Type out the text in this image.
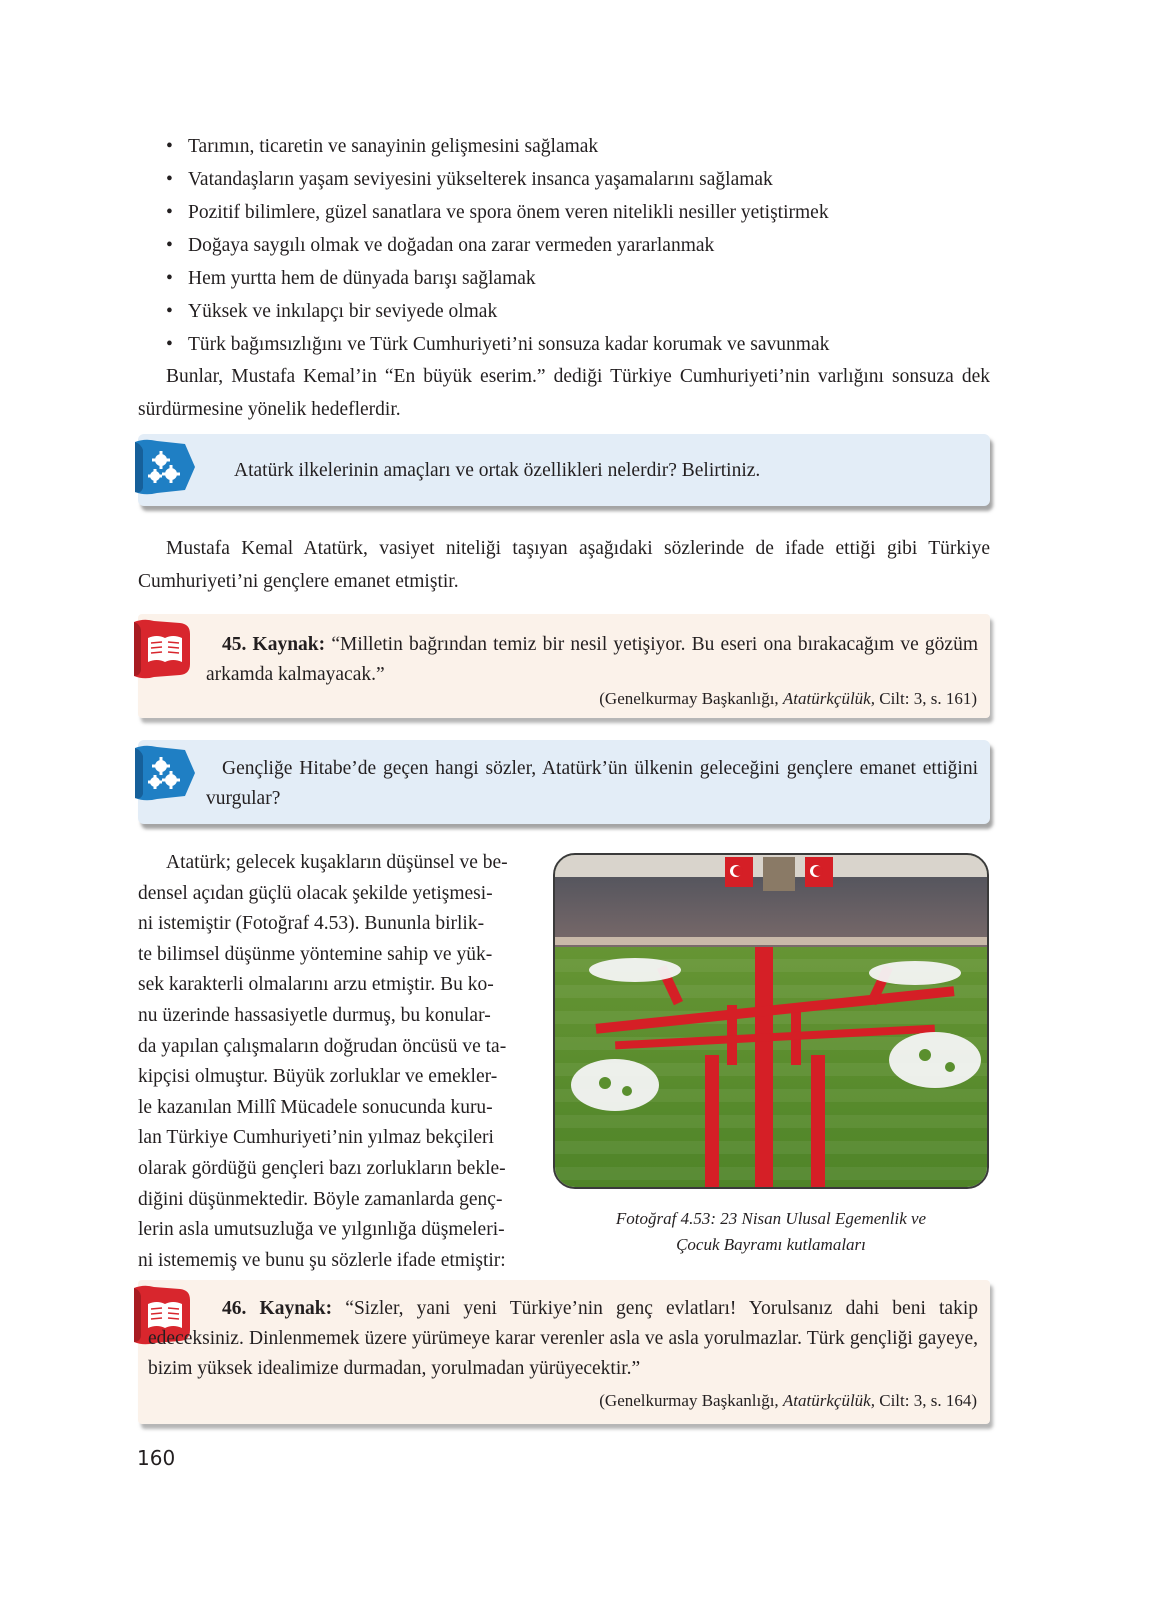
• Tarımın, ticaretin ve sanayinin gelişmesini sağlamak
• Vatandaşların yaşam seviyesini yükselterek insanca yaşamalarını sağlamak
• Pozitif bilimlere, güzel sanatlara ve spora önem veren nitelikli nesiller yetiştirmek
• Doğaya saygılı olmak ve doğadan ona zarar vermeden yararlanmak
• Hem yurtta hem de dünyada barışı sağlamak
• Yüksek ve inkılapçı bir seviyede olmak
• Türk bağımsızlığını ve Türk Cumhuriyeti’ni sonsuza kadar korumak ve savunmak

Bunlar, Mustafa Kemal’in “En büyük eserim.” dediği Türkiye Cumhuriyeti’nin varlığını sonsuza dek sürdürmesine yönelik hedeflerdir.

Atatürk ilkelerinin amaçları ve ortak özellikleri nelerdir? Belirtiniz.

Mustafa Kemal Atatürk, vasiyet niteliği taşıyan aşağıdaki sözlerinde de ifade ettiği gibi Türkiye Cumhuriyeti’ni gençlere emanet etmiştir.

45. Kaynak: “Milletin bağrından temiz bir nesil yetişiyor. Bu eseri ona bırakacağım ve gözüm arkamda kalmayacak.”
(Genelkurmay Başkanlığı, Atatürkçülük, Cilt: 3, s. 161)
Gençliğe Hitabe’de geçen hangi sözler, Atatürk’ün ülkenin geleceğini gençlere emanet ettiğini vurgular?

Atatürk; gelecek kuşakların düşünsel ve be-
densel açıdan güçlü olacak şekilde yetişmesi-
ni istemiştir (Fotoğraf 4.53). Bununla birlik-
te bilimsel düşünme yöntemine sahip ve yük-
sek karakterli olmalarını arzu etmiştir. Bu ko-
nu üzerinde hassasiyetle durmuş, bu konular-
da yapılan çalışmaların doğrudan öncüsü ve ta-
kipçisi olmuştur. Büyük zorluklar ve emekler-
le kazanılan Millî Mücadele sonucunda kuru-
lan Türkiye Cumhuriyeti’nin yılmaz bekçileri
olarak gördüğü gençleri bazı zorlukların bekle-
diğini düşünmektedir. Böyle zamanlarda genç-
lerin asla umutsuzluğa ve yılgınlığa düşmeleri-
ni istememiş ve bunu şu sözlerle ifade etmiştir:

Fotoğraf 4.53: 23 Nisan Ulusal Egemenlik ve
Çocuk Bayramı kutlamaları
46. Kaynak: “Sizler, yani yeni Türkiye’nin genç evlatları! Yorulsanız dahi beni takip edeceksiniz. Dinlenmemek üzere yürümeye karar verenler asla ve asla yorulmazlar. Türk gençliği gayeye, bizim yüksek idealimize durmadan, yorulmadan yürüyecektir.”
(Genelkurmay Başkanlığı, Atatürkçülük, Cilt: 3, s. 164)
160
